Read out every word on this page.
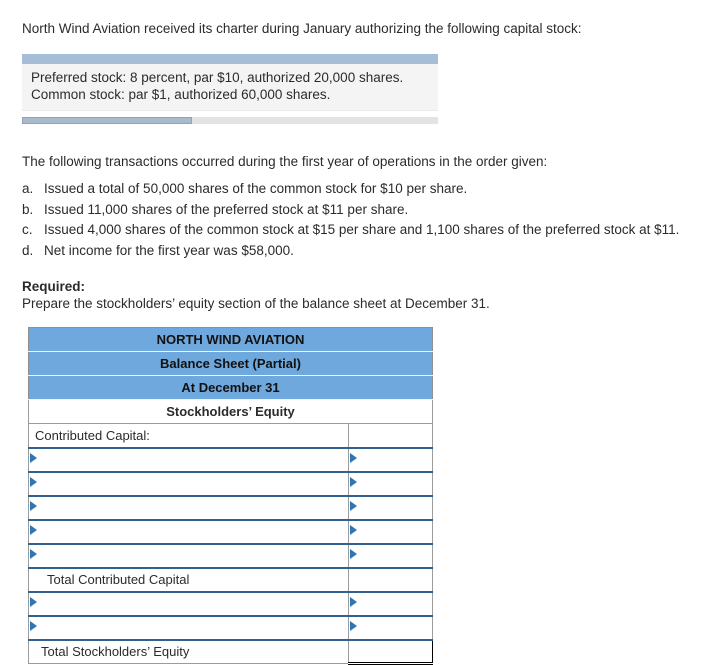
North Wind Aviation received its charter during January authorizing the following capital stock:

Preferred stock: 8 percent, par $10, authorized 20,000 shares.
Common stock: par $1, authorized 60,000 shares.

The following transactions occurred during the first year of operations in the order given:

a. Issued a total of 50,000 shares of the common stock for $10 per share.
b. Issued 11,000 shares of the preferred stock at $11 per share.
c. Issued 4,000 shares of the common stock at $15 per share and 1,100 shares of the preferred stock at $11.
d. Net income for the first year was $58,000.
Required:
Prepare the stockholders’ equity section of the balance sheet at December 31.
NORTH WIND AVIATION	
Balance Sheet (Partial)	
At December 31	
Stockholders’ Equity	
Contributed Capital:	

Total Contributed Capital	

Total Stockholders’ Equity	
